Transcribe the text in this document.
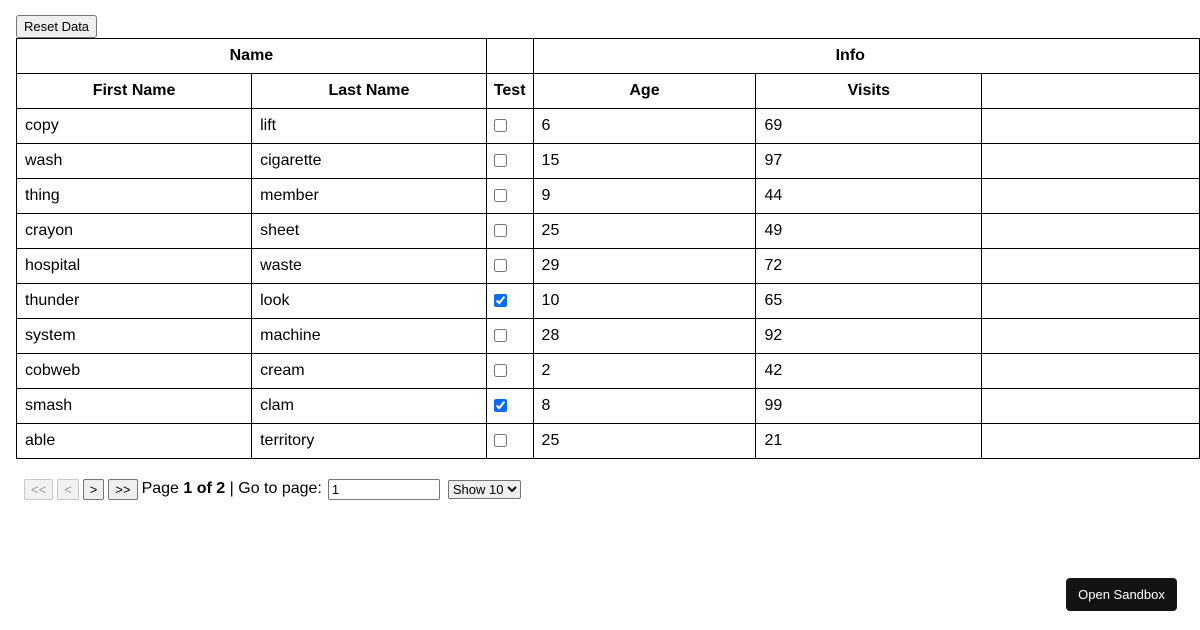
Reset Data
Name			Info		
First Name	Last Name	Test	Age	Visits	
copy	lift		6	69	
wash	cigarette		15	97	
thing	member		9	44	
crayon	sheet		25	49	
hospital	waste		29	72	
thunder	look		10	65	
system	machine		28	92	
cobweb	cream		2	42	
smash	clam		8	99	
able	territory		25	21	
<<	<	>	>> Page 1 of 2 | Go to page:
1
Show 10
Open Sandbox
